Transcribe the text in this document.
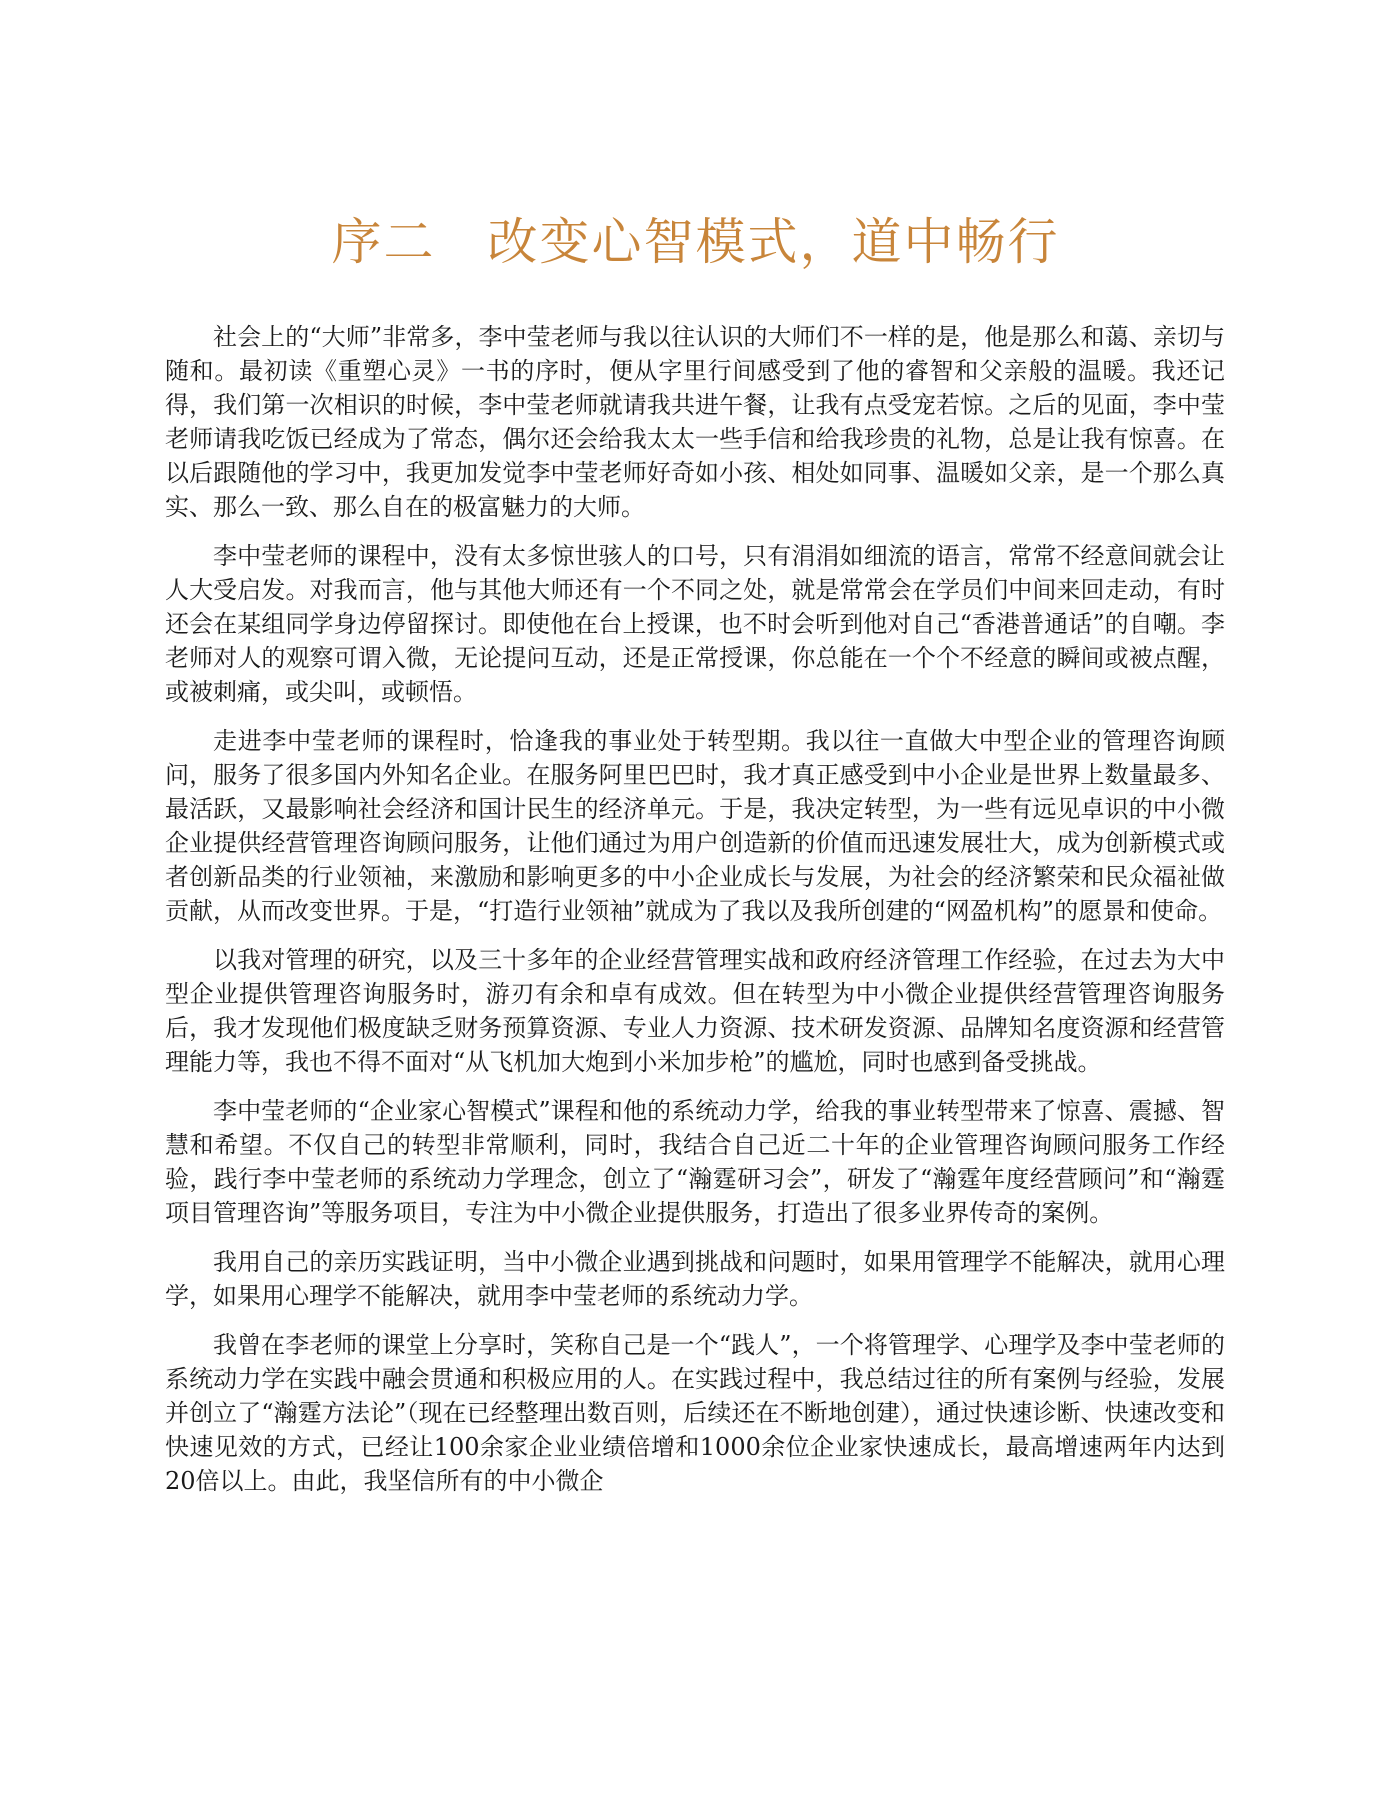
序二　改变心智模式，道中畅行

社会上的“大师”非常多，李中莹老师与我以往认识的大师们不一样的是，他是那么和蔼、亲切与随和。最初读《重塑心灵》一书的序时，便从字里行间感受到了他的睿智和父亲般的温暖。我还记得，我们第一次相识的时候，李中莹老师就请我共进午餐，让我有点受宠若惊。之后的见面，李中莹老师请我吃饭已经成为了常态，偶尔还会给我太太一些手信和给我珍贵的礼物，总是让我有惊喜。在以后跟随他的学习中，我更加发觉李中莹老师好奇如小孩、相处如同事、温暖如父亲，是一个那么真实、那么一致、那么自在的极富魅力的大师。

李中莹老师的课程中，没有太多惊世骇人的口号，只有涓涓如细流的语言，常常不经意间就会让人大受启发。对我而言，他与其他大师还有一个不同之处，就是常常会在学员们中间来回走动，有时还会在某组同学身边停留探讨。即使他在台上授课，也不时会听到他对自己“香港普通话”的自嘲。李老师对人的观察可谓入微，无论提问互动，还是正常授课，你总能在一个个不经意的瞬间或被点醒，或被刺痛，或尖叫，或顿悟。

走进李中莹老师的课程时，恰逢我的事业处于转型期。我以往一直做大中型企业的管理咨询顾问，服务了很多国内外知名企业。在服务阿里巴巴时，我才真正感受到中小企业是世界上数量最多、最活跃，又最影响社会经济和国计民生的经济单元。于是，我决定转型，为一些有远见卓识的中小微企业提供经营管理咨询顾问服务，让他们通过为用户创造新的价值而迅速发展壮大，成为创新模式或者创新品类的行业领袖，来激励和影响更多的中小企业成长与发展，为社会的经济繁荣和民众福祉做贡献，从而改变世界。于是，“打造行业领袖”就成为了我以及我所创建的“网盈机构”的愿景和使命。

以我对管理的研究，以及三十多年的企业经营管理实战和政府经济管理工作经验，在过去为大中型企业提供管理咨询服务时，游刃有余和卓有成效。但在转型为中小微企业提供经营管理咨询服务后，我才发现他们极度缺乏财务预算资源、专业人力资源、技术研发资源、品牌知名度资源和经营管理能力等，我也不得不面对“从飞机加大炮到小米加步枪”的尴尬，同时也感到备受挑战。

李中莹老师的“企业家心智模式”课程和他的系统动力学，给我的事业转型带来了惊喜、震撼、智慧和希望。不仅自己的转型非常顺利，同时，我结合自己近二十年的企业管理咨询顾问服务工作经验，践行李中莹老师的系统动力学理念，创立了“瀚霆研习会”，研发了“瀚霆年度经营顾问”和“瀚霆项目管理咨询”等服务项目，专注为中小微企业提供服务，打造出了很多业界传奇的案例。

我用自己的亲历实践证明，当中小微企业遇到挑战和问题时，如果用管理学不能解决，就用心理学，如果用心理学不能解决，就用李中莹老师的系统动力学。

我曾在李老师的课堂上分享时，笑称自己是一个“践人”，一个将管理学、心理学及李中莹老师的系统动力学在实践中融会贯通和积极应用的人。在实践过程中，我总结过往的所有案例与经验，发展并创立了“瀚霆方法论”（现在已经整理出数百则，后续还在不断地创建），通过快速诊断、快速改变和快速见效的方式，已经让100余家企业业绩倍增和1000余位企业家快速成长，最高增速两年内达到20倍以上。由此，我坚信所有的中小微企
